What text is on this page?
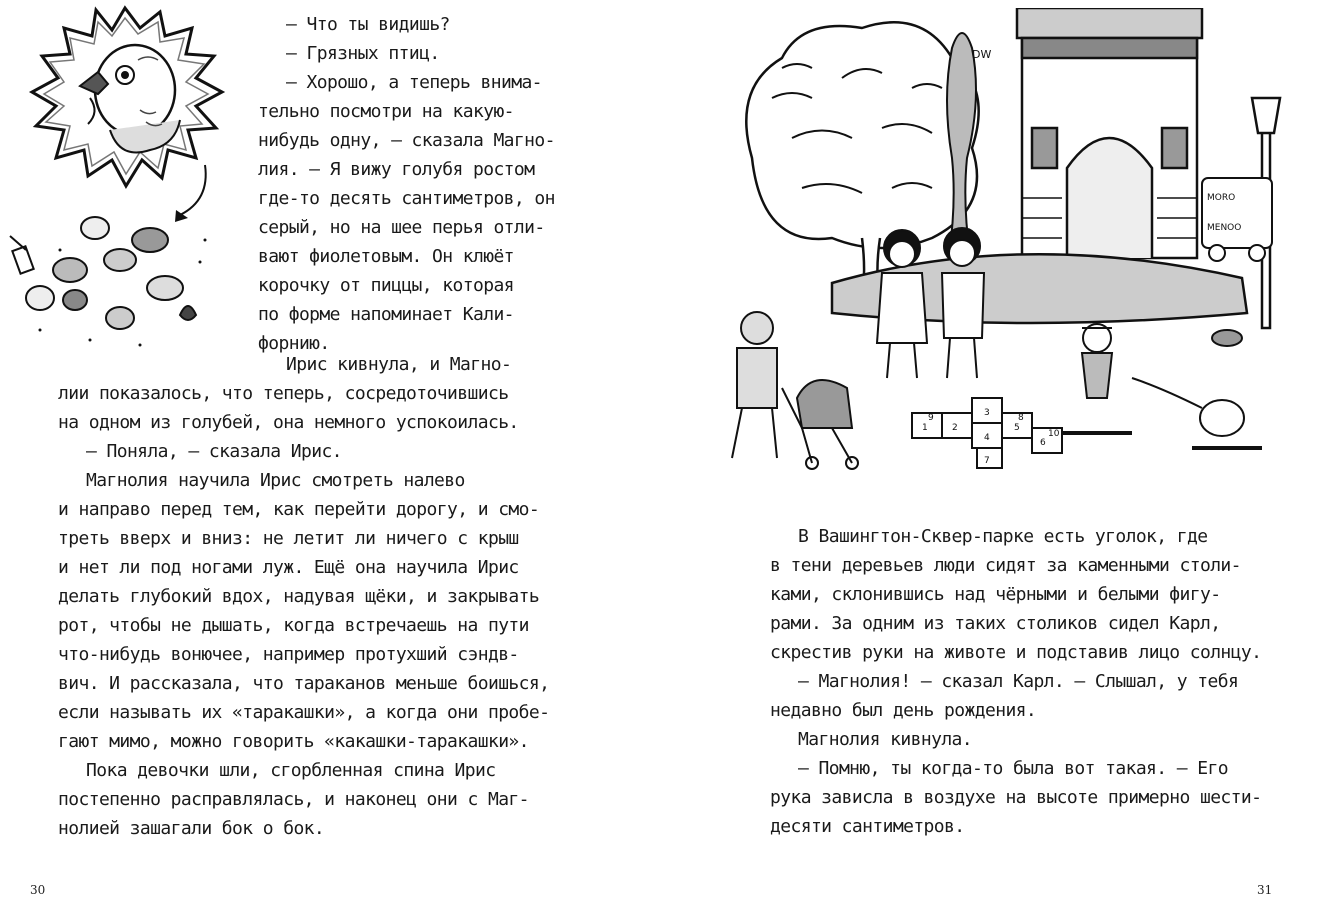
— Что ты видишь?
— Грязных птиц.
— Хорошо, а теперь внима-
тельно посмотри на какую-
нибудь одну, — сказала Магно-
лия. — Я вижу голубя ростом
где-то десять сантиметров, он
серый, но на шее перья отли-
вают фиолетовым. Он клюёт
корочку от пиццы, которая
по форме напоминает Кали-
форнию.
Ирис кивнула, и Магно-
лии показалось, что теперь, сосредоточившись
на одном из голубей, она немного успокоилась.
— Поняла, — сказала Ирис.
Магнолия научила Ирис смотреть налево
и направо перед тем, как перейти дорогу, и смо-
треть вверх и вниз: не летит ли ничего с крыш
и нет ли под ногами луж. Ещё она научила Ирис
делать глубокий вдох, надувая щёки, и закрывать
рот, чтобы не дышать, когда встречаешь на пути
что-нибудь вонючее, например протухший сэндв-
вич. И рассказала, что тараканов меньше боишься,
если называть их «таракашки», а когда они пробе-
гают мимо, можно говорить «какашки-таракашки».
Пока девочки шли, сгорбленная спина Ирис
постепенно расправлялась, и наконец они с Маг-
нолией зашагали бок о бок.
30
DW
MORO
MENOO
1	2
3
4
5
6
7
8
9
10
В Вашингтон-Сквер-парке есть уголок, где
в тени деревьев люди сидят за каменными столи-
ками, склонившись над чёрными и белыми фигу-
рами. За одним из таких столиков сидел Карл,
скрестив руки на животе и подставив лицо солнцу.
— Магнолия! — сказал Карл. — Слышал, у тебя
недавно был день рождения.
Магнолия кивнула.
— Помню, ты когда-то была вот такая. — Его
рука зависла в воздухе на высоте примерно шести-
десяти сантиметров.
31
